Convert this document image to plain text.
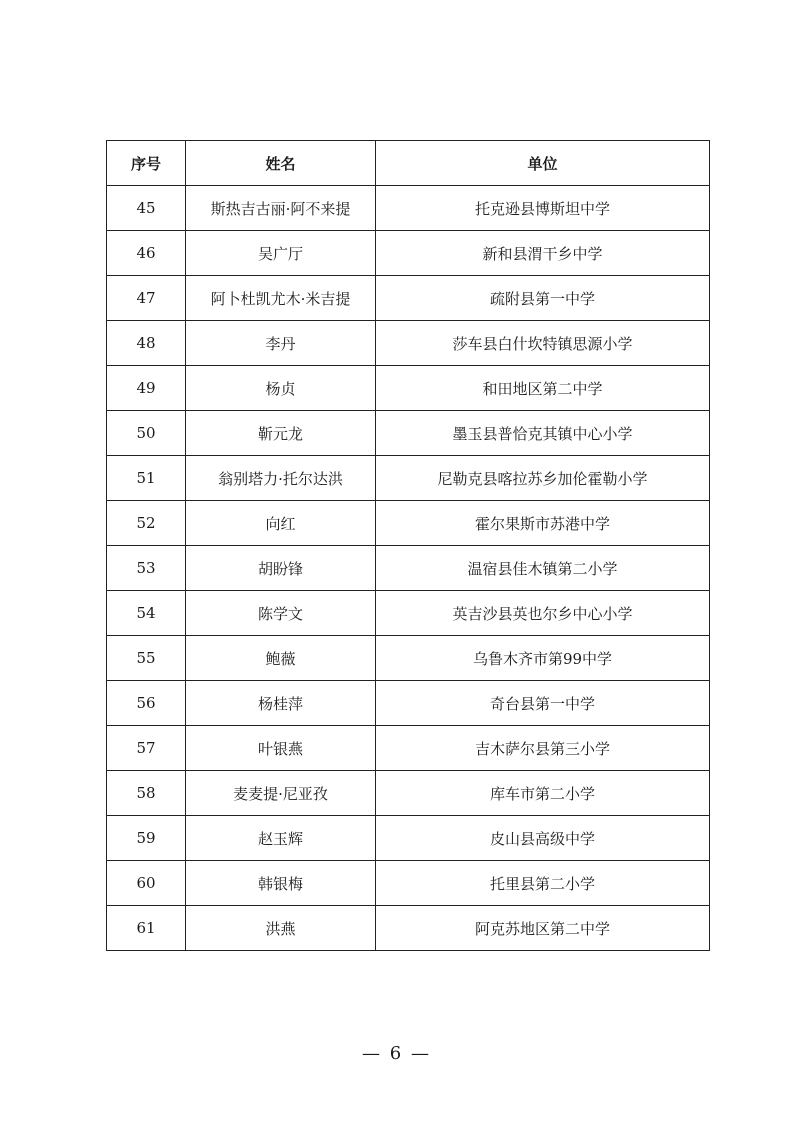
序号	姓名	单位
45	斯热吉古丽·阿不来提	托克逊县博斯坦中学
46	吴广厅	新和县渭干乡中学
47	阿卜杜凯尤木·米吉提	疏附县第一中学
48	李丹	莎车县白什坎特镇思源小学
49	杨贞	和田地区第二中学
50	靳元龙	墨玉县普恰克其镇中心小学
51	翁别塔力·托尔达洪	尼勒克县喀拉苏乡加伦霍勒小学
52	向红	霍尔果斯市苏港中学
53	胡盼锋	温宿县佳木镇第二小学
54	陈学文	英吉沙县英也尔乡中心小学
55	鲍薇	乌鲁木齐市第99中学
56	杨桂萍	奇台县第一中学
57	叶银燕	吉木萨尔县第三小学
58	麦麦提·尼亚孜	库车市第二小学
59	赵玉辉	皮山县高级中学
60	韩银梅	托里县第二小学
61	洪燕	阿克苏地区第二中学
— 6 —
